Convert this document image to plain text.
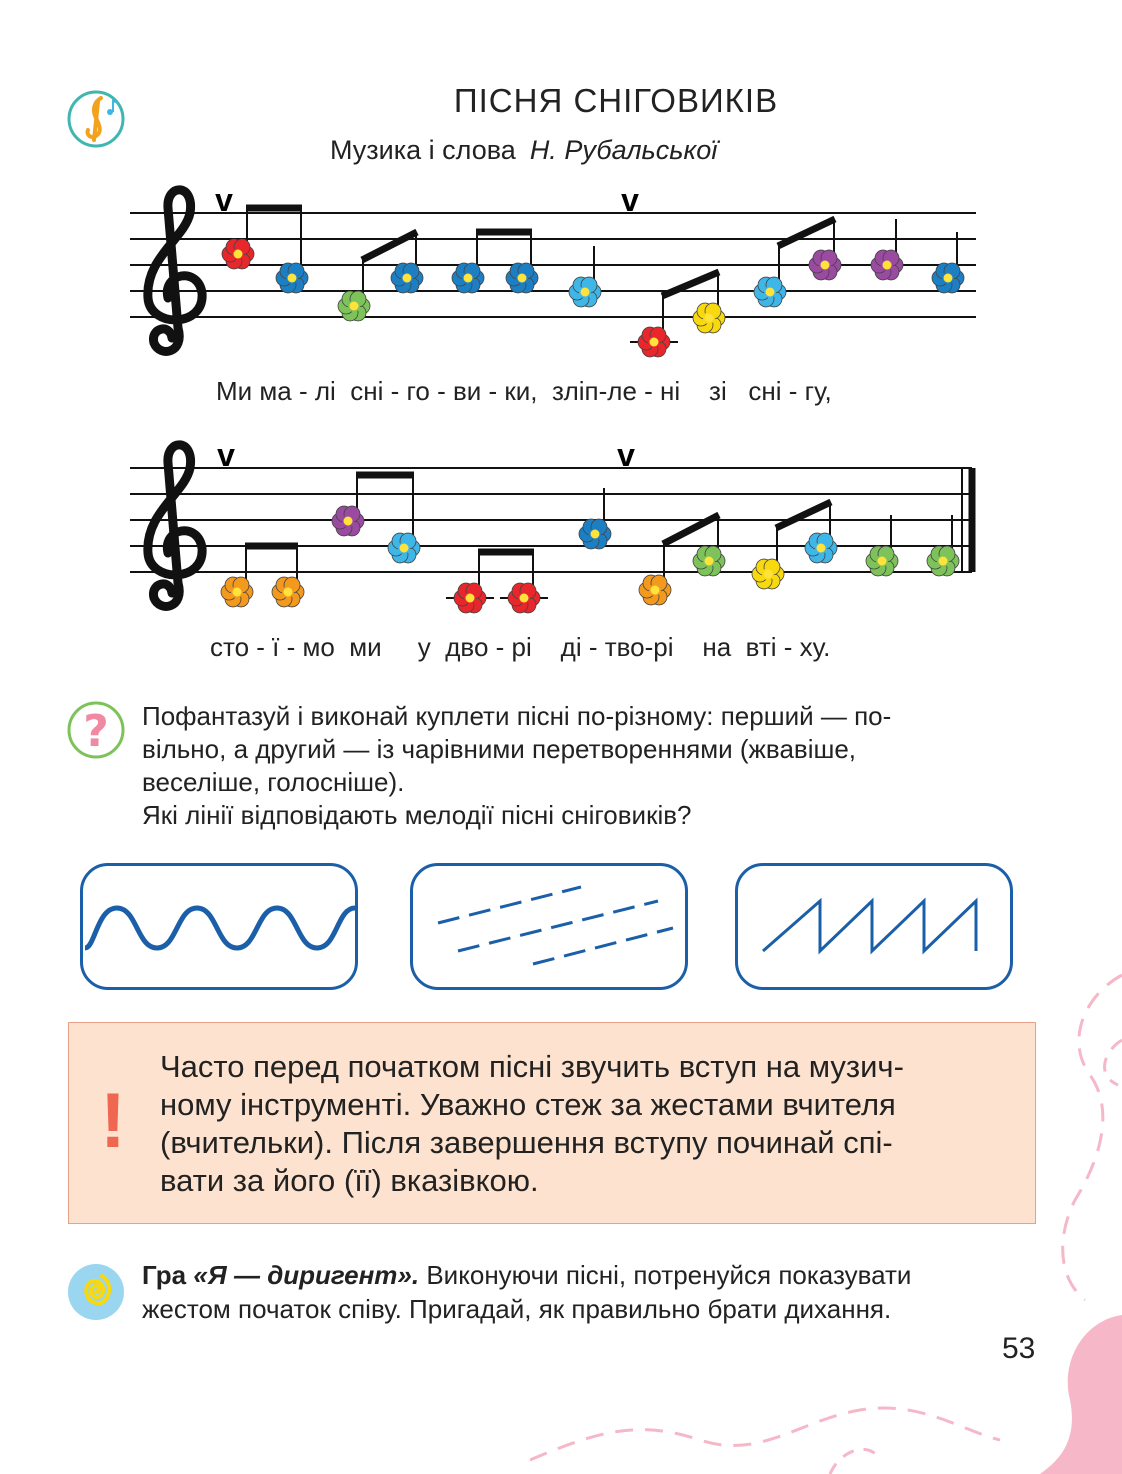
ПІСНЯ СНІГОВИКІВ
Музика і слова Н. Рубальської
v	v
Ми ма - лі  сні - го - ви - ки,  зліп-ле - ні    зі   сні - гу,
v	v
сто - ї - мо  ми     у  дво - рі    ді - тво-рі    на  вті - ху.
? Пофантазуй і виконай куплети пісні по-різному: перший — по-
вільно, а другий — із чарівними перетвореннями (жвавіше,
веселіше, голосніше).
Які лінії відповідають мелодії пісні сніговиків?
!
Часто перед початком пісні звучить вступ на музич-
ному інструменті. Уважно стеж за жестами вчителя
(вчительки). Після завершення вступу починай спі-
вати за його (її) вказівкою.
Гра «Я — диригент». Виконуючи пісні, потренуйся показувати
жестом початок співу. Пригадай, як правильно брати дихання.
53
